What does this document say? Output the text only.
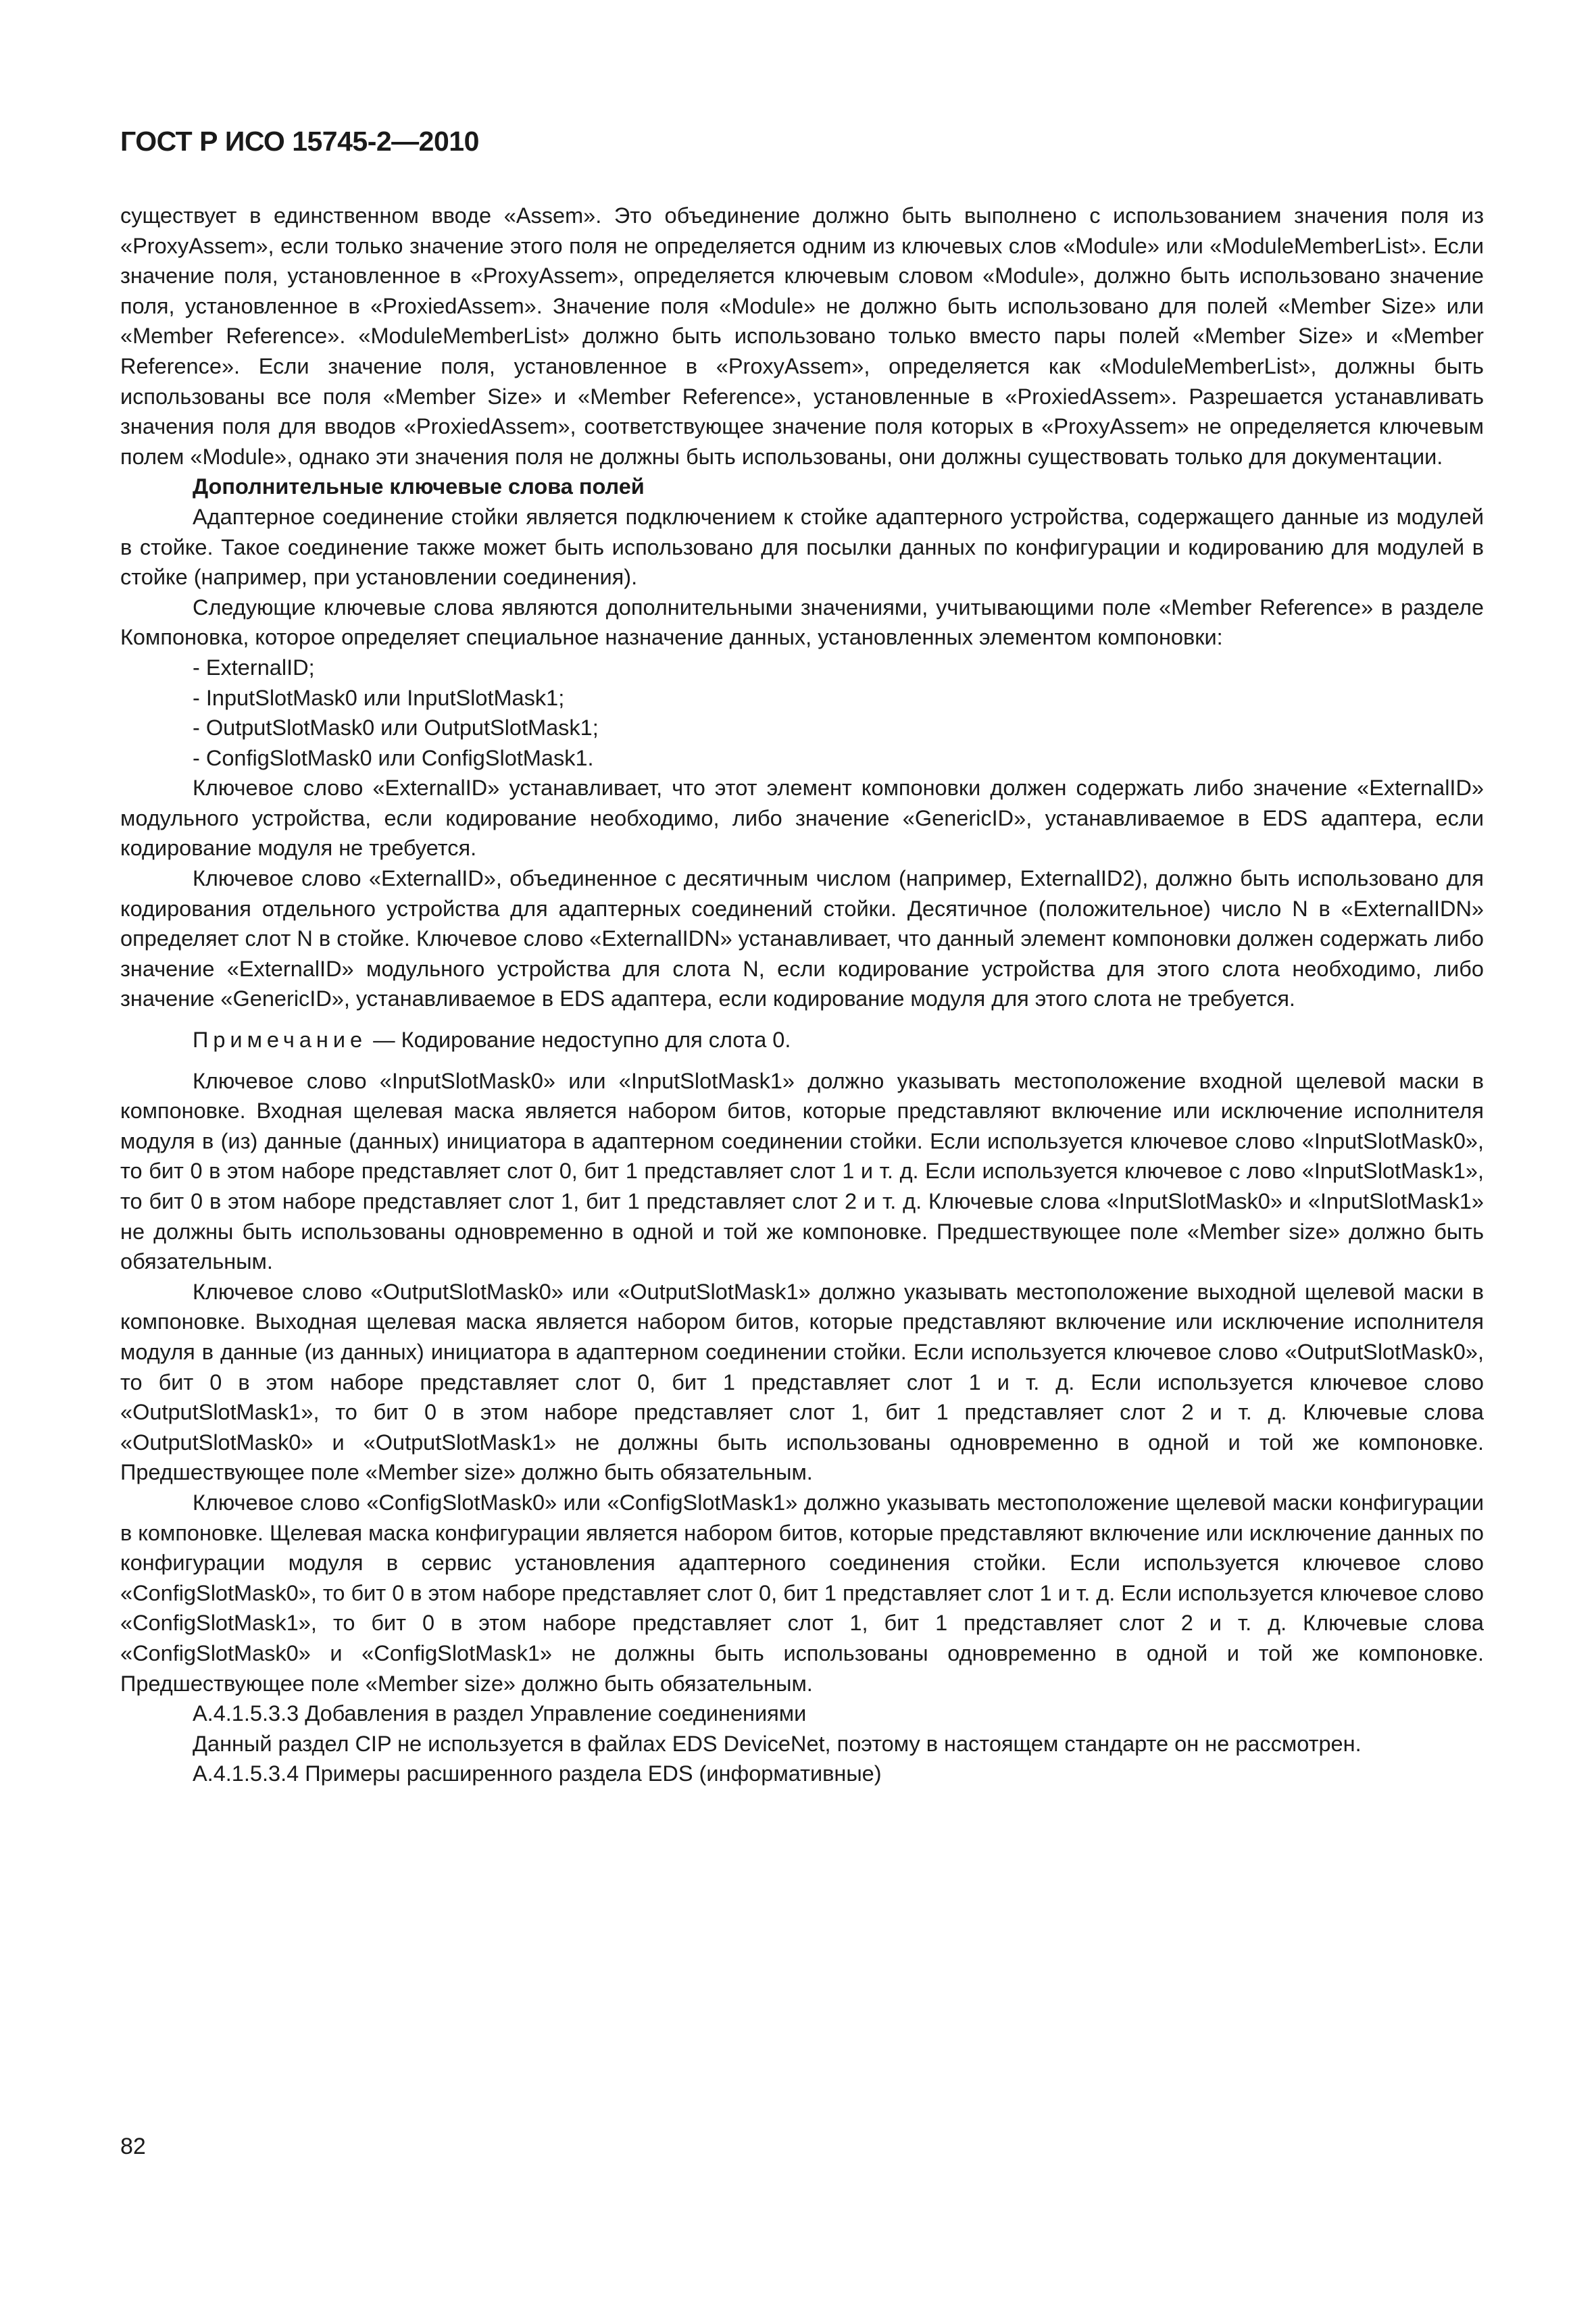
ГОСТ Р ИСО 15745-2—2010

существует в единственном вводе «Assem». Это объединение должно быть выполнено с использованием значения поля из «ProxyAssem», если только значение этого поля не определяется одним из ключевых слов «Module» или «ModuleMemberList». Если значение поля, установленное в «ProxyAssem», определяется ключевым словом «Module», должно быть использовано значение поля, установленное в «ProxiedAssem». Значение поля «Module» не должно быть использовано для полей «Member Size» или «Member Reference». «ModuleMemberList» должно быть использовано только вместо пары полей «Member Size» и «Member Reference». Если значение поля, установленное в «ProxyAssem», определяется как «ModuleMemberList», должны быть использованы все поля «Member Size» и «Member Reference», установленные в «ProxiedAssem». Разрешается устанавливать значения поля для вводов «ProxiedAssem», соответствующее значение поля которых в «ProxyAssem» не определяется ключевым полем «Module», однако эти значения поля не должны быть использованы, они должны существовать только для документации.

Дополнительные ключевые слова полей

Адаптерное соединение стойки является подключением к стойке адаптерного устройства, содержащего данные из модулей в стойке. Такое соединение также может быть использовано для посылки данных по конфигурации и кодированию для модулей в стойке (например, при установлении соединения).

Следующие ключевые слова являются дополнительными значениями, учитывающими поле «Member Reference» в разделе Компоновка, которое определяет специальное назначение данных, установленных элементом компоновки:

- ExternalID;

- InputSlotMask0 или InputSlotMask1;

- OutputSlotMask0 или OutputSlotMask1;

- ConfigSlotMask0 или ConfigSlotMask1.

Ключевое слово «ExternalID» устанавливает, что этот элемент компоновки должен содержать либо значение «ExternalID» модульного устройства, если кодирование необходимо, либо значение «GenericID», устанавливаемое в EDS адаптера, если кодирование модуля не требуется.

Ключевое слово «ExternalID», объединенное с десятичным числом (например, ExternalID2), должно быть использовано для кодирования отдельного устройства для адаптерных соединений стойки. Десятичное (положительное) число N в «ExternalIDN» определяет слот N в стойке. Ключевое слово «ExternalIDN» устанавливает, что данный элемент компоновки должен содержать либо значение «ExternalID» модульного устройства для слота N, если кодирование устройства для этого слота необходимо, либо значение «GenericID», устанавливаемое в EDS адаптера, если кодирование модуля для этого слота не требуется.

Примечание — Кодирование недоступно для слота 0.

Ключевое слово «InputSlotMask0» или «InputSlotMask1» должно указывать местоположение входной щелевой маски в компоновке. Входная щелевая маска является набором битов, которые представляют включение или исключение исполнителя модуля в (из) данные (данных) инициатора в адаптерном соединении стойки. Если используется ключевое слово «InputSlotMask0», то бит 0 в этом наборе представляет слот 0, бит 1 представляет слот 1 и т. д. Если используется ключевое с лово «InputSlotMask1», то бит 0 в этом наборе представляет слот 1, бит 1 представляет слот 2 и т. д. Ключевые слова «InputSlotMask0» и «InputSlotMask1» не должны быть использованы одновременно в одной и той же компоновке. Предшествующее поле «Member size» должно быть обязательным.

Ключевое слово «OutputSlotMask0» или «OutputSlotMask1» должно указывать местоположение выходной щелевой маски в компоновке. Выходная щелевая маска является набором битов, которые представляют включение или исключение исполнителя модуля в данные (из данных) инициатора в адаптерном соединении стойки. Если используется ключевое слово «OutputSlotMask0», то бит 0 в этом наборе представляет слот 0, бит 1 представляет слот 1 и т. д. Если используется ключевое слово «OutputSlotMask1», то бит 0 в этом наборе представляет слот 1, бит 1 представляет слот 2 и т. д. Ключевые слова «OutputSlotMask0» и «OutputSlotMask1» не должны быть использованы одновременно в одной и той же компоновке. Предшествующее поле «Member size» должно быть обязательным.

Ключевое слово «ConfigSlotMask0» или «ConfigSlotMask1» должно указывать местоположение щелевой маски конфигурации в компоновке. Щелевая маска конфигурации является набором битов, которые представляют включение или исключение данных по конфигурации модуля в сервис установления адаптерного соединения стойки. Если используется ключевое слово «ConfigSlotMask0», то бит 0 в этом наборе представляет слот 0, бит 1 представляет слот 1 и т. д. Если используется ключевое слово «ConfigSlotMask1», то бит 0 в этом наборе представляет слот 1, бит 1 представляет слот 2 и т. д. Ключевые слова «ConfigSlotMask0» и «ConfigSlotMask1» не должны быть использованы одновременно в одной и той же компоновке. Предшествующее поле «Member size» должно быть обязательным.

А.4.1.5.3.3 Добавления в раздел Управление соединениями

Данный раздел CIP не используется в файлах EDS DeviceNet, поэтому в настоящем стандарте он не рассмотрен.

А.4.1.5.3.4 Примеры расширенного раздела EDS (информативные)

82
